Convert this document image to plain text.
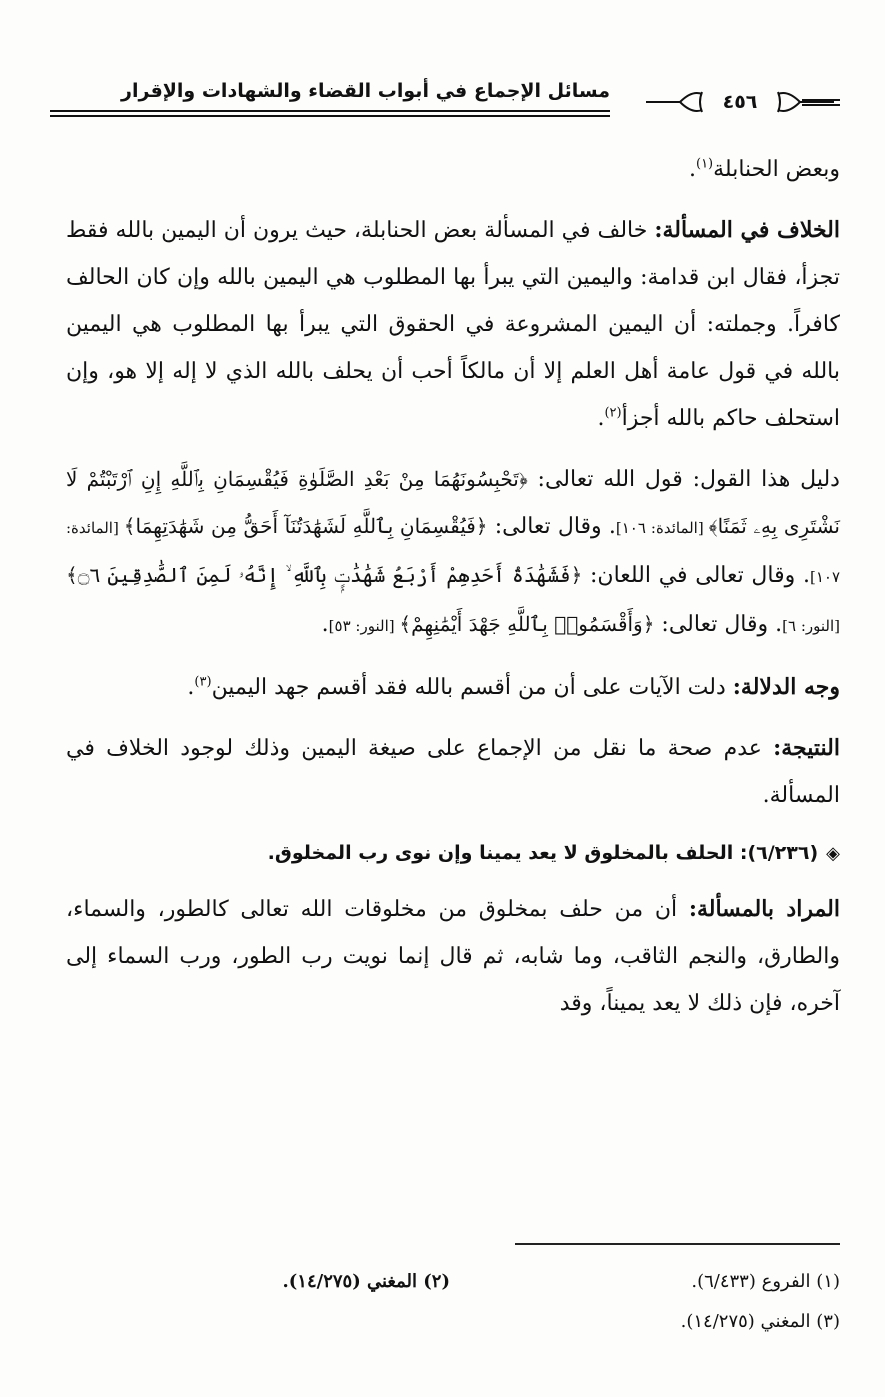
مسائل الإجماع في أبواب القضاء والشهادات والإقرار	٤٥٦

وبعض الحنابلة$^{(١)}$.

الخلاف في المسألة: خالف في المسألة بعض الحنابلة، حيث يرون أن اليمين بالله فقط تجزأ، فقال ابن قدامة: واليمين التي يبرأ بها المطلوب هي اليمين بالله وإن كان الحالف كافراً. وجملته: أن اليمين المشروعة في الحقوق التي يبرأ بها المطلوب هي اليمين بالله في قول عامة أهل العلم إلا أن مالكاً أحب أن يحلف بالله الذي لا إله إلا هو، وإن استحلف حاكم بالله أجزأ$^{(٢)}$.

دليل هذا القول: قول الله تعالى: ﴿تَحْبِسُونَهُمَا مِنْ بَعْدِ الصَّلَوٰةِ فَيُقْسِمَانِ بِٱللَّهِ إِنِ ٱرْتَبْتُمْ لَا نَشْتَرِى بِهِۦ ثَمَنًا﴾ [المائدة: ١٠٦]. وقال تعالى: ﴿فَيُقْسِمَانِ بِٱللَّهِ لَشَهَٰدَتُنَآ أَحَقُّ مِن شَهَٰدَتِهِمَا﴾ [المائدة: ١٠٧]. وقال تعالى في اللعان: ﴿فَشَهَٰدَةُ أَحَدِهِمْ أَرْبَعُ شَهَٰدَٰتٍۭ بِٱللَّهِ ۙ إِنَّهُۥ لَمِنَ ٱلصَّٰدِقِينَ ۝٦﴾ [النور: ٦]. وقال تعالى: ﴿وَأَقْسَمُوا۟ بِٱللَّهِ جَهْدَ أَيْمَٰنِهِمْ﴾ [النور: ٥٣].

وجه الدلالة: دلت الآيات على أن من أقسم بالله فقد أقسم جهد اليمين$^{(٣)}$.

النتيجة: عدم صحة ما نقل من الإجماع على صيغة اليمين وذلك لوجود الخلاف في المسألة.

◈(٦/٢٣٦): الحلف بالمخلوق لا يعد يمينا وإن نوى رب المخلوق.

المراد بالمسألة: أن من حلف بمخلوق من مخلوقات الله تعالى كالطور، والسماء، والطارق، والنجم الثاقب، وما شابه، ثم قال إنما نويت رب الطور، ورب السماء إلى آخره، فإن ذلك لا يعد يميناً، وقد

(١) الفروع (٦/٤٣٣).
(٢) المغني (١٤/٢٧٥).
(٣) المغني (١٤/٢٧٥).
